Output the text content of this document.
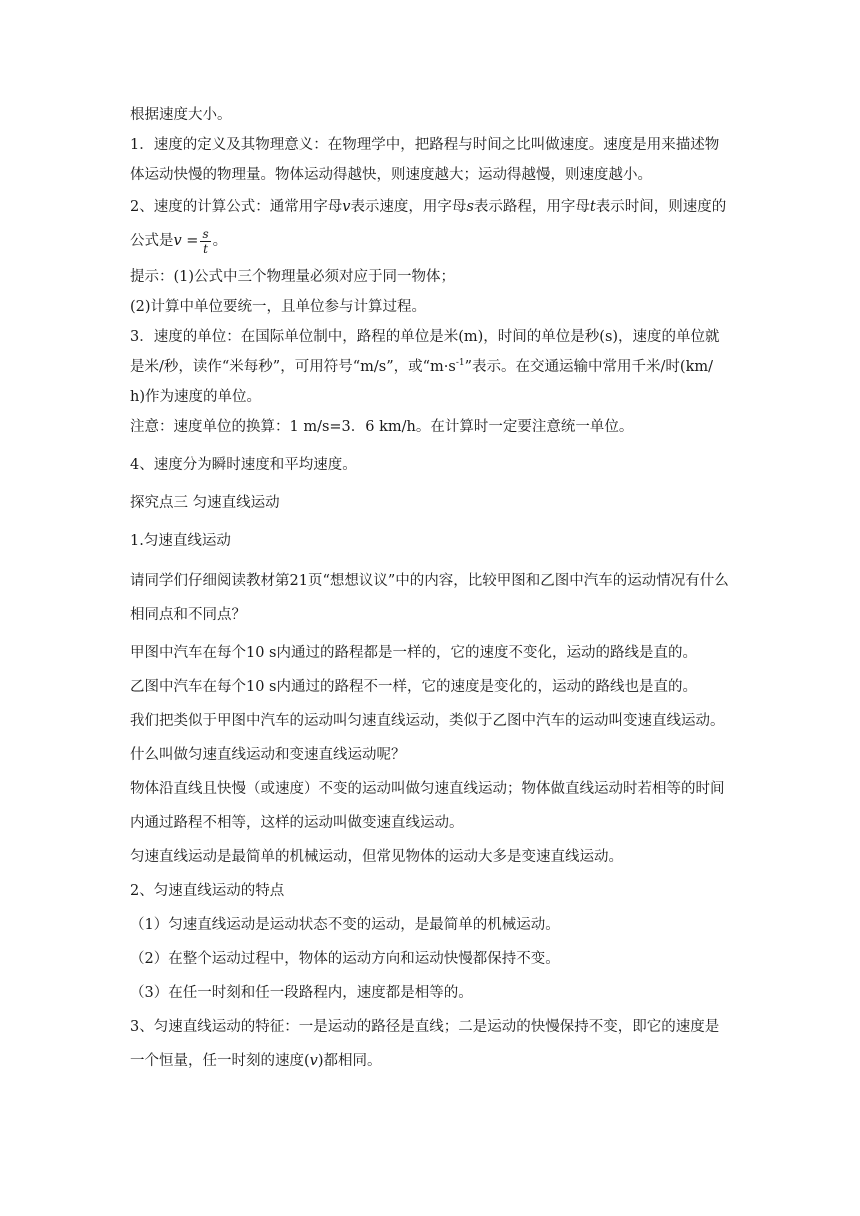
根据速度大小。

1．速度的定义及其物理意义：在物理学中，把路程与时间之比叫做速度。速度是用来描述物体运动快慢的物理量。物体运动得越快，则速度越大；运动得越慢，则速度越小。

2、速度的计算公式：通常用字母v表示速度，用字母s表示路程，用字母t表示时间，则速度的公式是$v = \frac{s}{t}$ 。

提示：(1)公式中三个物理量必须对应于同一物体；

(2)计算中单位要统一，且单位参与计算过程。

3．速度的单位：在国际单位制中，路程的单位是米(m)，时间的单位是秒(s)，速度的单位就是米/秒，读作“米每秒”，可用符号“m/s”，或“$m\cdot s^{-1}$”表示。在交通运输中常用千米/时(km/ h)作为速度的单位。

注意：速度单位的换算：1 m/s=3．6 km/h。在计算时一定要注意统一单位。

4、速度分为瞬时速度和平均速度。

探究点三 匀速直线运动

1.匀速直线运动

请同学们仔细阅读教材第21页“想想议议”中的内容，比较甲图和乙图中汽车的运动情况有什么相同点和不同点？

甲图中汽车在每个10 s内通过的路程都是一样的，它的速度不变化，运动的路线是直的。

乙图中汽车在每个10 s内通过的路程不一样，它的速度是变化的，运动的路线也是直的。

我们把类似于甲图中汽车的运动叫匀速直线运动，类似于乙图中汽车的运动叫变速直线运动。

什么叫做匀速直线运动和变速直线运动呢？

物体沿直线且快慢（或速度）不变的运动叫做匀速直线运动；物体做直线运动时若相等的时间内通过路程不相等，这样的运动叫做变速直线运动。

匀速直线运动是最简单的机械运动，但常见物体的运动大多是变速直线运动。

2、匀速直线运动的特点

（1）匀速直线运动是运动状态不变的运动，是最简单的机械运动。

（2）在整个运动过程中，物体的运动方向和运动快慢都保持不变。

（3）在任一时刻和任一段路程内，速度都是相等的。

3、匀速直线运动的特征：一是运动的路径是直线；二是运动的快慢保持不变，即它的速度是一个恒量，任一时刻的速度(v)都相同。
